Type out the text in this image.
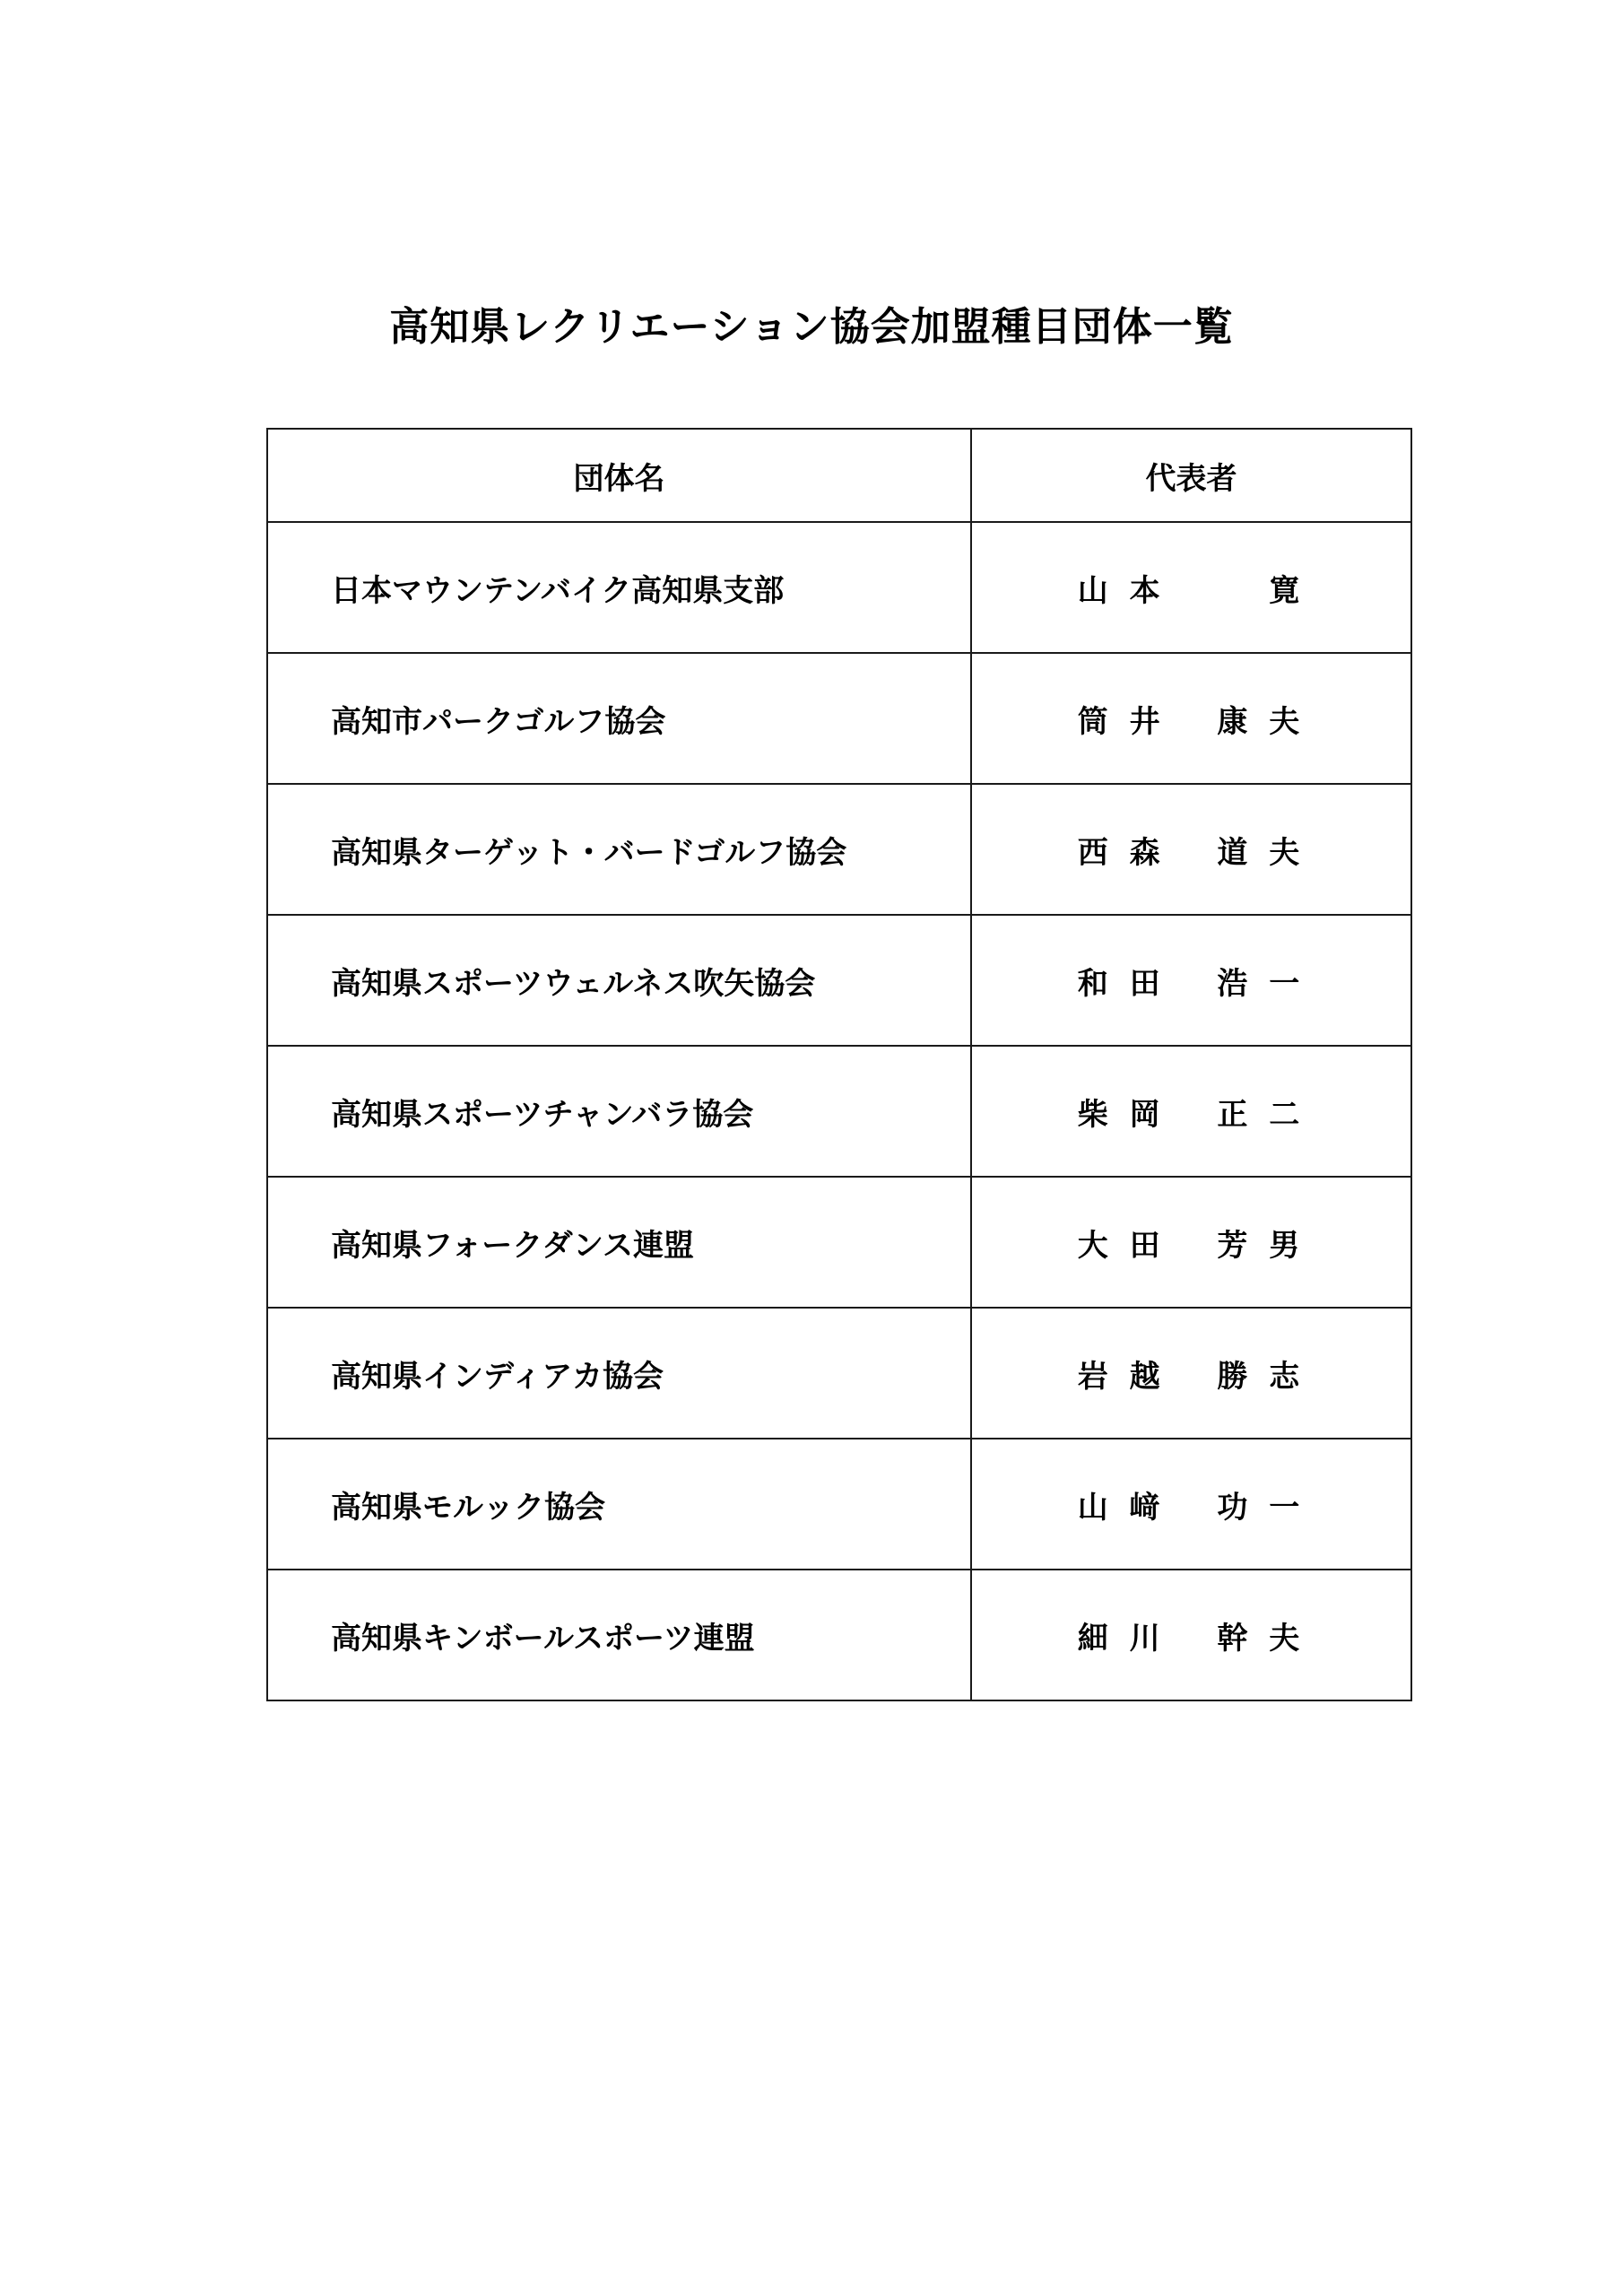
高知県レクリエーション協会加盟種目団体一覧
団体名	代表者
日本マウンテンバイク高知県支部	山 本 　 　寛
高知市パークゴルフ協会	筒 井 　康 夫
高知県ターゲット・バードゴルフ協会	西 森 　道 夫
高知県スポーツウェルネス吹矢協会	和 田 　浩 一
高知県スポーツチャンバラ協会	柴 岡 　正 二
高知県フォークダンス連盟	大 田 　芳 男
高知県インディアカ協会	岩 越 　勝 志
高知県モルック協会	山 﨑 　功 一
高知県キンボールスポーツ連盟	細 川 　幹 夫
